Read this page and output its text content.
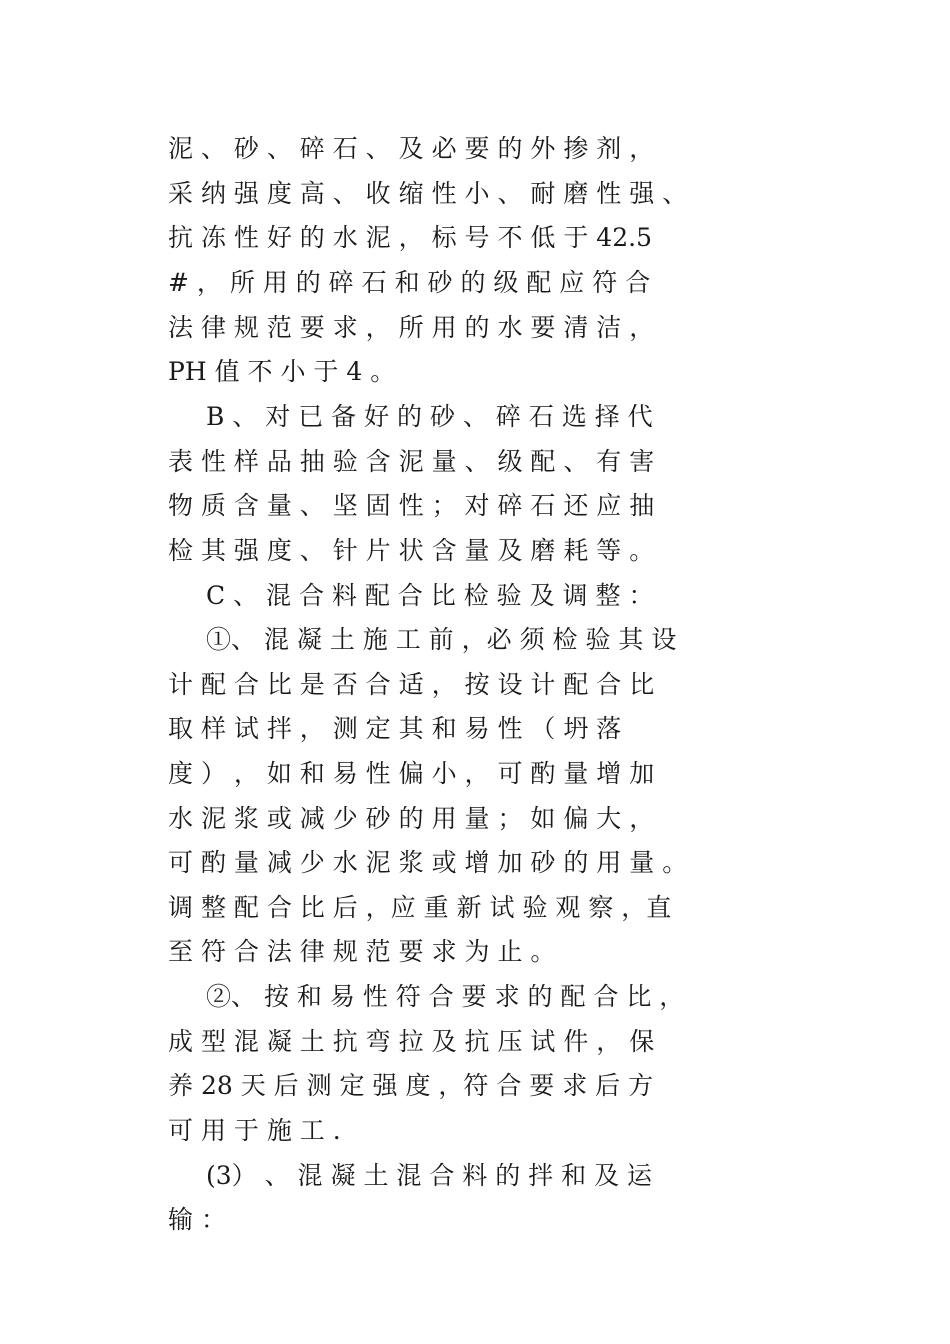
泥 、 砂 、 碎 石 、 及 必 要 的 外 掺 剂 ，
采 纳 强 度 高 、 收 缩 性 小 、 耐 磨 性 强 、
抗 冻 性 好 的 水 泥 ， 标 号 不 低 于 42.5
# ， 所 用 的 碎 石 和 砂 的 级 配 应 符 合
法 律 规 范 要 求 ， 所 用 的 水 要 清 洁 ，
PH 值 不 小 于 4 。
B 、 对 已 备 好 的 砂 、 碎 石 选 择 代
表 性 样 品 抽 验 含 泥 量 、 级 配 、 有 害
物 质 含 量 、 坚 固 性 ； 对 碎 石 还 应 抽
检 其 强 度 、 针 片 状 含 量 及 磨 耗 等 。
C 、 混 合 料 配 合 比 检 验 及 调 整 ：
①、 混 凝 土 施 工 前 ，必 须 检 验 其 设
计 配 合 比 是 否 合 适 ， 按 设 计 配 合 比
取 样 试 拌 ， 测 定 其 和 易 性 （ 坍 落
度 ） ， 如 和 易 性 偏 小 ， 可 酌 量 增 加
水 泥 浆 或 减 少 砂 的 用 量 ； 如 偏 大 ，
可 酌 量 减 少 水 泥 浆 或 增 加 砂 的 用 量 。
调 整 配 合 比 后 ，应 重 新 试 验 观 察 ，直
至 符 合 法 律 规 范 要 求 为 止 。
②、 按 和 易 性 符 合 要 求 的 配 合 比 ，
成 型 混 凝 土 抗 弯 拉 及 抗 压 试 件 ， 保
养 28 天 后 测 定 强 度 ，符 合 要 求 后 方
可 用 于 施 工 .
(3） 、 混 凝 土 混 合 料 的 拌 和 及 运
输 ：
